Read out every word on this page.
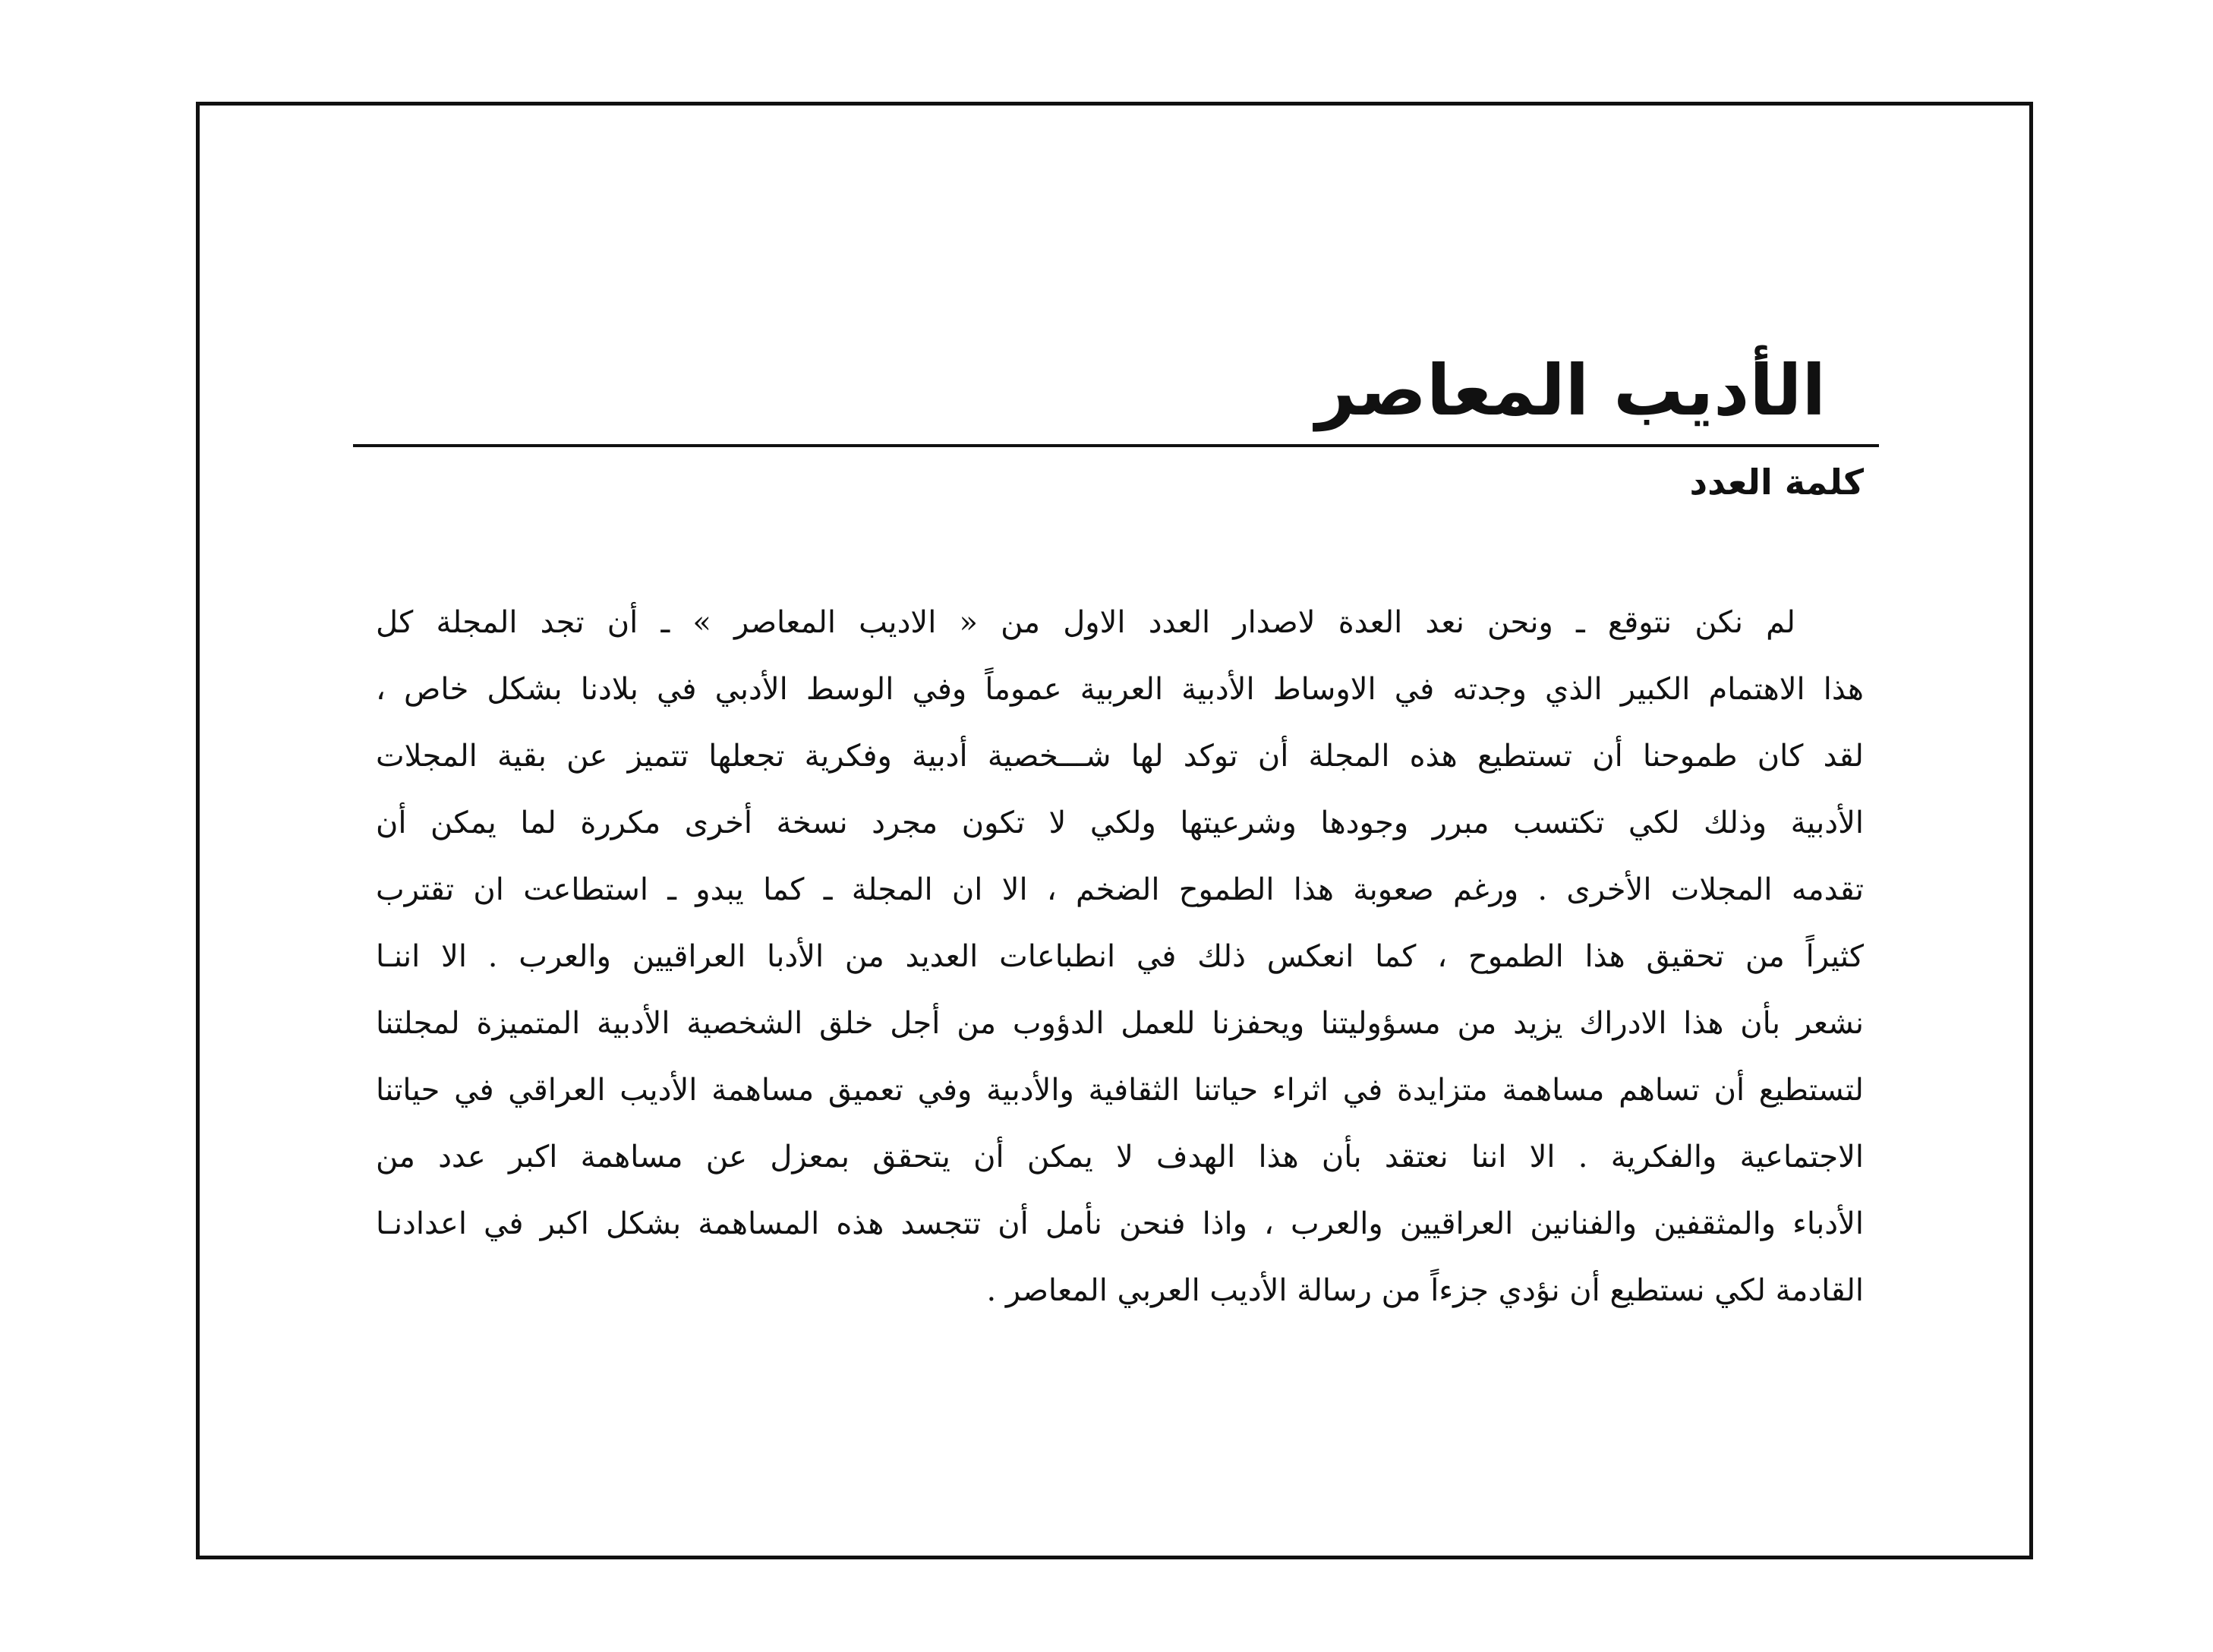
الأديب المعاصر
كلمة العدد
لم نكن نتوقع ـ ونحن نعد العدة لاصدار العدد الاول من « الاديب المعاصر » ـ أن تجد المجلة كل
هذا الاهتمام الكبير الذي وجدته في الاوساط الأدبية العربية عموماً وفي الوسط الأدبي في بلادنا بشكل خاص ،
لقد كان طموحنا أن تستطيع هذه المجلة أن توكد لها شـــخصية أدبية وفكرية تجعلها تتميز عن بقية المجلات
الأدبية وذلك لكي تكتسب مبرر وجودها وشرعيتها ولكي لا تكون مجرد نسخة أخرى مكررة لما يمكن أن
تقدمه المجلات الأخرى . ورغم صعوبة هذا الطموح الضخم ، الا ان المجلة ـ كما يبدو ـ استطاعت ان تقترب
كثيراً من تحقيق هذا الطموح ، كما انعكس ذلك في انطباعات العديد من الأدبا العراقيين والعرب . الا اننـا
نشعر بأن هذا الادراك يزيد من مسؤوليتنا ويحفزنا للعمل الدؤوب من أجل خلق الشخصية الأدبية المتميزة لمجلتنا
لتستطيع أن تساهم مساهمة متزايدة في اثراء حياتنا الثقافية والأدبية وفي تعميق مساهمة الأديب العراقي في حياتنا
الاجتماعية والفكرية . الا اننا نعتقد بأن هذا الهدف لا يمكن أن يتحقق بمعزل عن مساهمة اكبر عدد من
الأدباء والمثقفين والفنانين العراقيين والعرب ، واذا فنحن نأمل أن تتجسد هذه المساهمة بشكل اكبر في اعدادنـا
القادمة لكي نستطيع أن نؤدي جزءاً من رسالة الأديب العربي المعاصر .
